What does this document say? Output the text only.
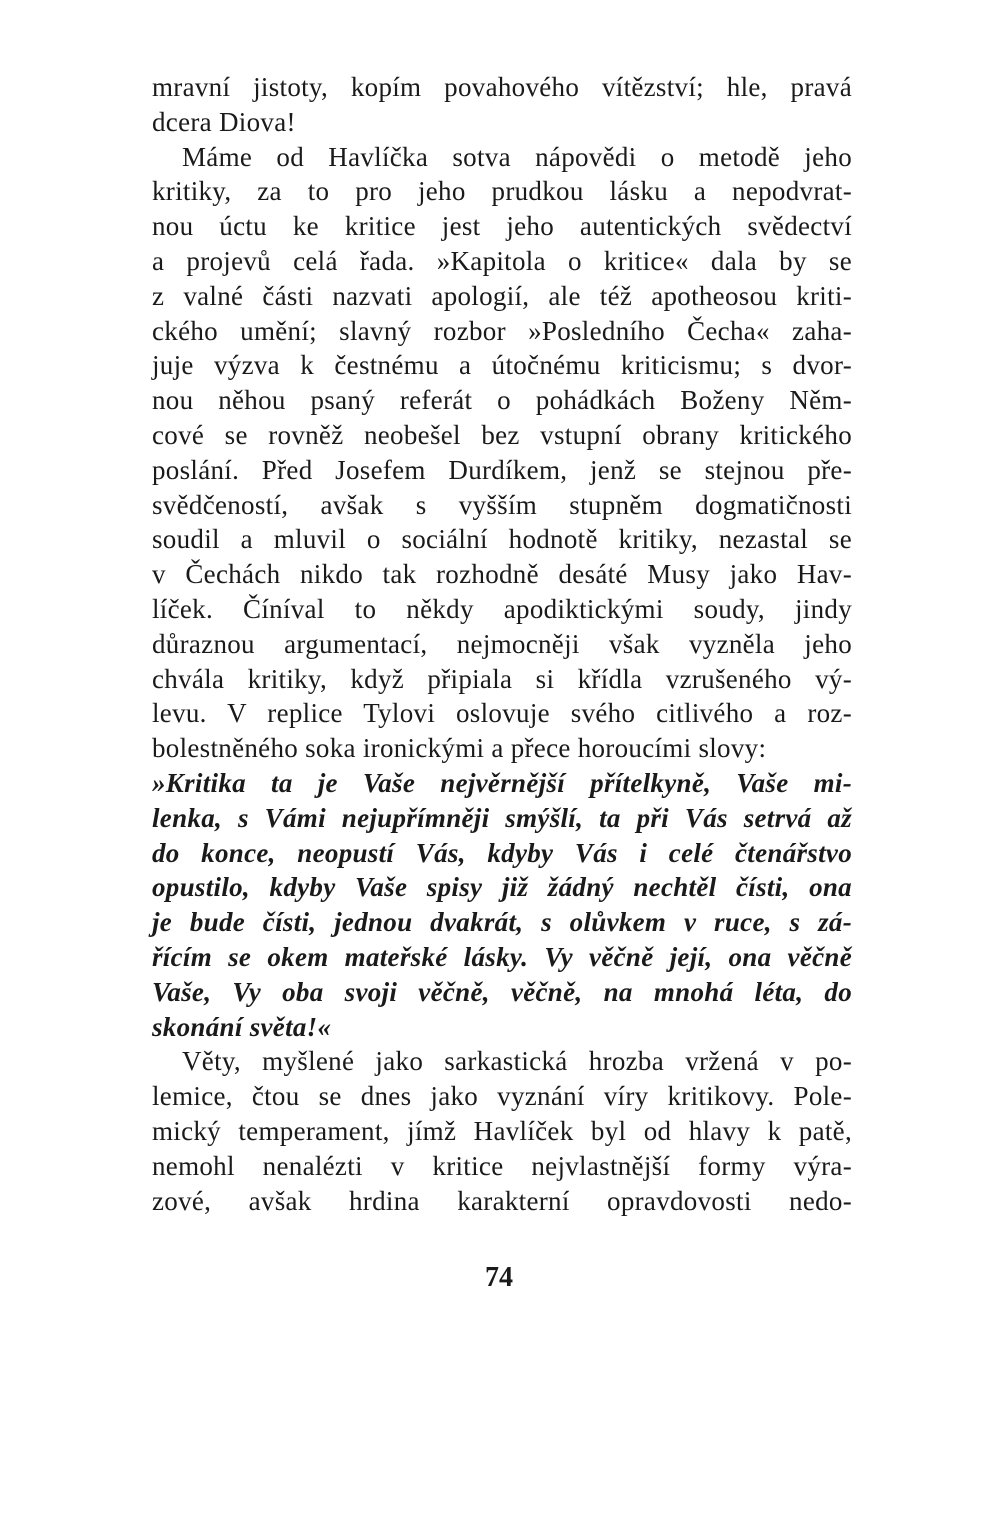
mravní jistoty, kopím povahového vítězství; hle, pravá
dcera Diova!
Máme od Havlíčka sotva nápovědi o metodě jeho
kritiky, za to pro jeho prudkou lásku a nepodvrat-
nou úctu ke kritice jest jeho autentických svědectví
a projevů celá řada. »Kapitola o kritice« dala by se
z valné části nazvati apologií, ale též apotheosou kriti-
ckého umění; slavný rozbor »Posledního Čecha« zaha-
juje výzva k čestnému a útočnému kriticismu; s dvor-
nou něhou psaný referát o pohádkách Boženy Něm-
cové se rovněž neobešel bez vstupní obrany kritického
poslání. Před Josefem Durdíkem, jenž se stejnou pře-
svědčeností, avšak s vyšším stupněm dogmatičnosti
soudil a mluvil o sociální hodnotě kritiky, nezastal se
v Čechách nikdo tak rozhodně desáté Musy jako Hav-
líček. Číníval to někdy apodiktickými soudy, jindy
důraznou argumentací, nejmocněji však vyzněla jeho
chvála kritiky, když připiala si křídla vzrušeného vý-
levu. V replice Tylovi oslovuje svého citlivého a roz-
bolestněného soka ironickými a přece horoucími slovy:
»Kritika ta je Vaše nejvěrnější přítelkyně, Vaše mi-
lenka, s Vámi nejupřímněji smýšlí, ta při Vás setrvá až
do konce, neopustí Vás, kdyby Vás i celé čtenářstvo
opustilo, kdyby Vaše spisy již žádný nechtěl čísti, ona
je bude čísti, jednou dvakrát, s olůvkem v ruce, s zá-
řícím se okem mateřské lásky. Vy věčně její, ona věčně
Vaše, Vy oba svoji věčně, věčně, na mnohá léta, do
skonání světa!«
Věty, myšlené jako sarkastická hrozba vržená v po-
lemice, čtou se dnes jako vyznání víry kritikovy. Pole-
mický temperament, jímž Havlíček byl od hlavy k patě,
nemohl nenalézti v kritice nejvlastnější formy výra-
zové, avšak hrdina karakterní opravdovosti nedo-
74
